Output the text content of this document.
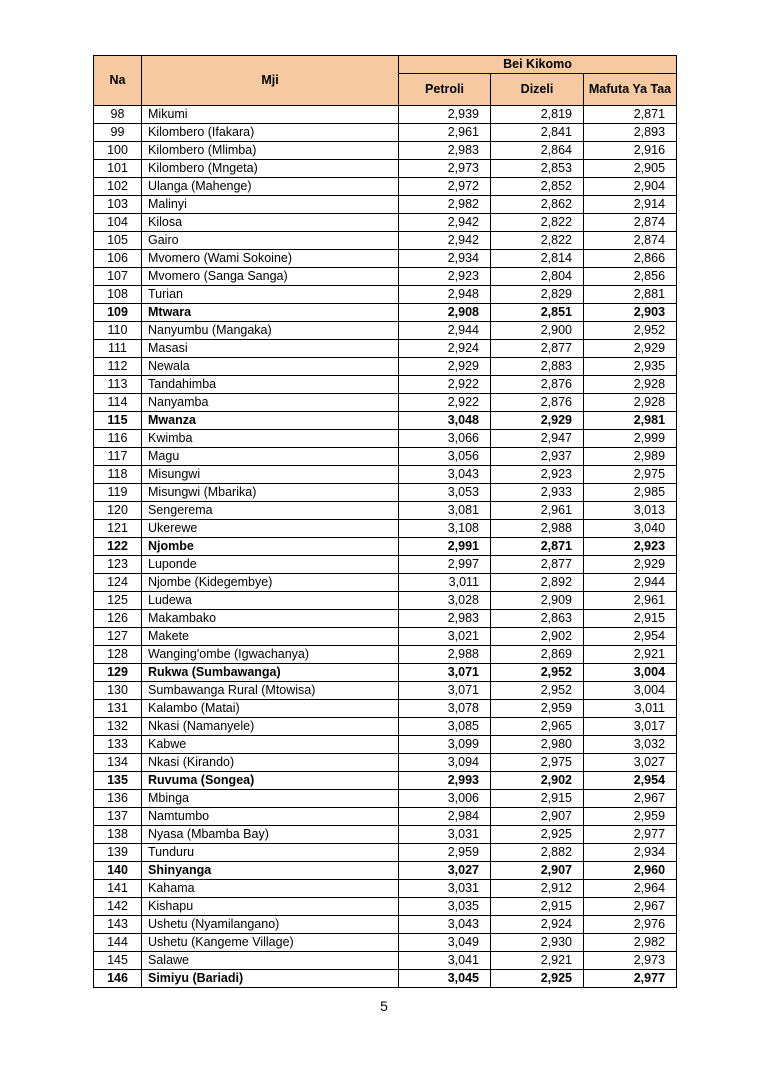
Na	Mji	Bei Kikomo		
		Petroli	Dizeli	Mafuta Ya Taa
98	Mikumi	2,939	2,819	2,871
99	Kilombero (Ifakara)	2,961	2,841	2,893
100	Kilombero (Mlimba)	2,983	2,864	2,916
101	Kilombero (Mngeta)	2,973	2,853	2,905
102	Ulanga (Mahenge)	2,972	2,852	2,904
103	Malinyi	2,982	2,862	2,914
104	Kilosa	2,942	2,822	2,874
105	Gairo	2,942	2,822	2,874
106	Mvomero (Wami Sokoine)	2,934	2,814	2,866
107	Mvomero (Sanga Sanga)	2,923	2,804	2,856
108	Turian	2,948	2,829	2,881
109	Mtwara	2,908	2,851	2,903
110	Nanyumbu (Mangaka)	2,944	2,900	2,952
111	Masasi	2,924	2,877	2,929
112	Newala	2,929	2,883	2,935
113	Tandahimba	2,922	2,876	2,928
114	Nanyamba	2,922	2,876	2,928
115	Mwanza	3,048	2,929	2,981
116	Kwimba	3,066	2,947	2,999
117	Magu	3,056	2,937	2,989
118	Misungwi	3,043	2,923	2,975
119	Misungwi (Mbarika)	3,053	2,933	2,985
120	Sengerema	3,081	2,961	3,013
121	Ukerewe	3,108	2,988	3,040
122	Njombe	2,991	2,871	2,923
123	Luponde	2,997	2,877	2,929
124	Njombe (Kidegembye)	3,011	2,892	2,944
125	Ludewa	3,028	2,909	2,961
126	Makambako	2,983	2,863	2,915
127	Makete	3,021	2,902	2,954
128	Wanging'ombe (Igwachanya)	2,988	2,869	2,921
129	Rukwa (Sumbawanga)	3,071	2,952	3,004
130	Sumbawanga Rural (Mtowisa)	3,071	2,952	3,004
131	Kalambo (Matai)	3,078	2,959	3,011
132	Nkasi (Namanyele)	3,085	2,965	3,017
133	Kabwe	3,099	2,980	3,032
134	Nkasi (Kirando)	3,094	2,975	3,027
135	Ruvuma (Songea)	2,993	2,902	2,954
136	Mbinga	3,006	2,915	2,967
137	Namtumbo	2,984	2,907	2,959
138	Nyasa (Mbamba Bay)	3,031	2,925	2,977
139	Tunduru	2,959	2,882	2,934
140	Shinyanga	3,027	2,907	2,960
141	Kahama	3,031	2,912	2,964
142	Kishapu	3,035	2,915	2,967
143	Ushetu (Nyamilangano)	3,043	2,924	2,976
144	Ushetu (Kangeme Village)	3,049	2,930	2,982
145	Salawe	3,041	2,921	2,973
146	Simiyu (Bariadi)	3,045	2,925	2,977
5
